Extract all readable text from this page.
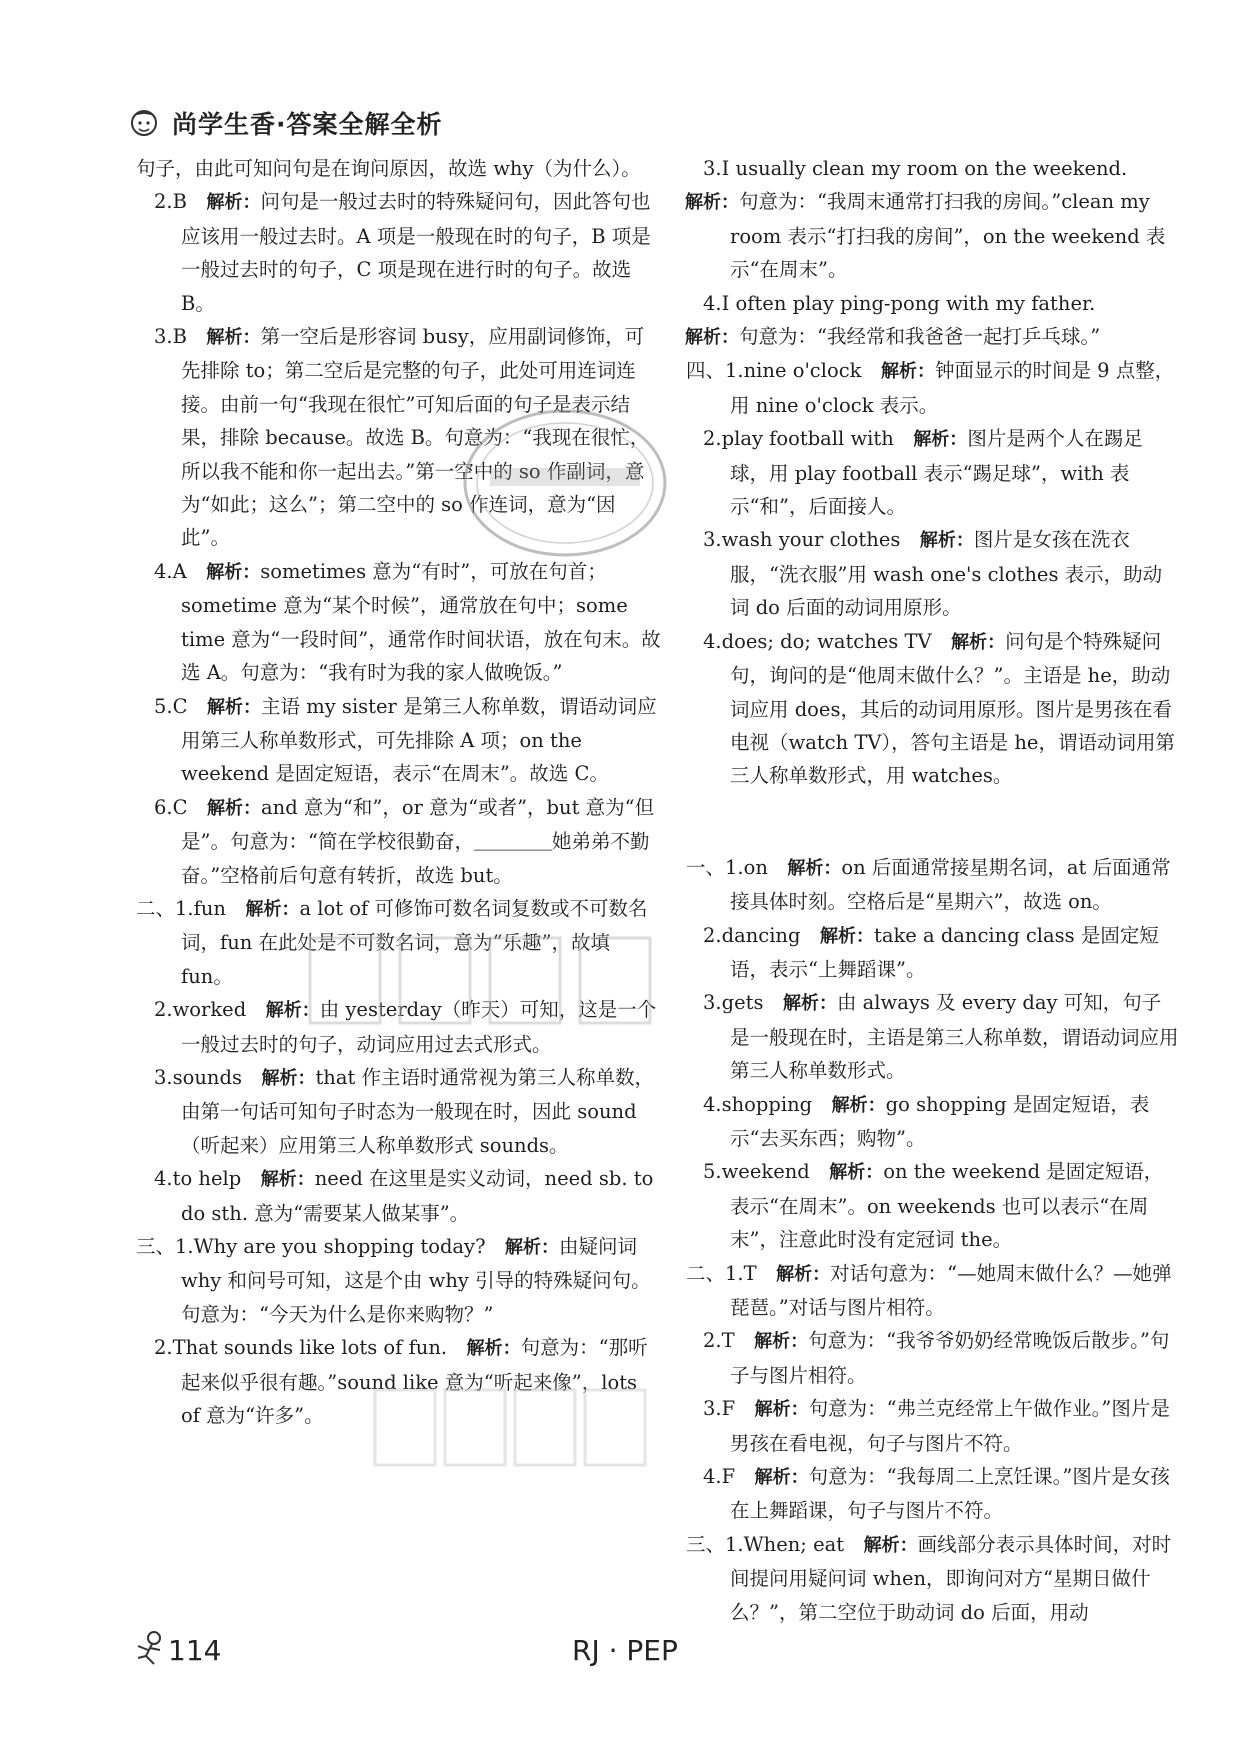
尚学生香·答案全解全析

句子，由此可知问句是在询问原因，故选 why（为什么）。

2.B  解析：问句是一般过去时的特殊疑问句，因此答句也应该用一般过去时。A 项是一般现在时的句子，B 项是一般过去时的句子，C 项是现在进行时的句子。故选 B。

3.B  解析：第一空后是形容词 busy，应用副词修饰，可先排除 to；第二空后是完整的句子，此处可用连词连接。由前一句“我现在很忙”可知后面的句子是表示结果，排除 because。故选 B。句意为：“我现在很忙，所以我不能和你一起出去。”第一空中的 so 作副词，意为“如此；这么”；第二空中的 so 作连词，意为“因此”。

4.A  解析：sometimes 意为“有时”，可放在句首；sometime 意为“某个时候”，通常放在句中；some time 意为“一段时间”，通常作时间状语，放在句末。故选 A。句意为：“我有时为我的家人做晚饭。”

5.C  解析：主语 my sister 是第三人称单数，谓语动词应用第三人称单数形式，可先排除 A 项；on the weekend 是固定短语，表示“在周末”。故选 C。

6.C  解析：and 意为“和”，or 意为“或者”，but 意为“但是”。句意为：“简在学校很勤奋，＿＿＿＿她弟弟不勤奋。”空格前后句意有转折，故选 but。

二、1.fun  解析：a lot of 可修饰可数名词复数或不可数名词，fun 在此处是不可数名词，意为“乐趣”，故填 fun。

2.worked  解析：由 yesterday（昨天）可知，这是一个一般过去时的句子，动词应用过去式形式。

3.sounds  解析：that 作主语时通常视为第三人称单数，由第一句话可知句子时态为一般现在时，因此 sound（听起来）应用第三人称单数形式 sounds。

4.to help  解析：need 在这里是实义动词，need sb. to do sth. 意为“需要某人做某事”。

三、1.Why are you shopping today?  解析：由疑问词 why 和问号可知，这是个由 why 引导的特殊疑问句。句意为：“今天为什么是你来购物？”

2.That sounds like lots of fun.  解析：句意为：“那听起来似乎很有趣。”sound like 意为“听起来像”，lots of 意为“许多”。

3.I usually clean my room on the weekend. 

解析：句意为：“我周末通常打扫我的房间。”clean my room 表示“打扫我的房间”，on the weekend 表示“在周末”。

4.I often play ping-pong with my father. 

解析：句意为：“我经常和我爸爸一起打乒乓球。”

四、1.nine o'clock  解析：钟面显示的时间是 9 点整，用 nine o'clock 表示。

2.play football with  解析：图片是两个人在踢足球，用 play football 表示“踢足球”，with 表示“和”，后面接人。

3.wash your clothes  解析：图片是女孩在洗衣服，“洗衣服”用 wash one's clothes 表示，助动词 do 后面的动词用原形。

4.does; do; watches TV  解析：问句是个特殊疑问句，询问的是“他周末做什么？”。主语是 he，助动词应用 does，其后的动词用原形。图片是男孩在看电视（watch TV），答句主语是 he，谓语动词用第三人称单数形式，用 watches。

一、1.on  解析：on 后面通常接星期名词，at 后面通常接具体时刻。空格后是“星期六”，故选 on。

2.dancing  解析：take a dancing class 是固定短语，表示“上舞蹈课”。

3.gets  解析：由 always 及 every day 可知，句子是一般现在时，主语是第三人称单数，谓语动词应用第三人称单数形式。

4.shopping  解析：go shopping 是固定短语，表示“去买东西；购物”。

5.weekend  解析：on the weekend 是固定短语，表示“在周末”。on weekends 也可以表示“在周末”，注意此时没有定冠词 the。

二、1.T  解析：对话句意为：“—她周末做什么？—她弹琵琶。”对话与图片相符。

2.T  解析：句意为：“我爷爷奶奶经常晚饭后散步。”句子与图片相符。

3.F  解析：句意为：“弗兰克经常上午做作业。”图片是男孩在看电视，句子与图片不符。

4.F  解析：句意为：“我每周二上烹饪课。”图片是女孩在上舞蹈课，句子与图片不符。

三、1.When; eat  解析：画线部分表示具体时间，对时间提问用疑问词 when，即询问对方“星期日做什么？”，第二空位于助动词 do 后面，用动

114	RJ · PEP
